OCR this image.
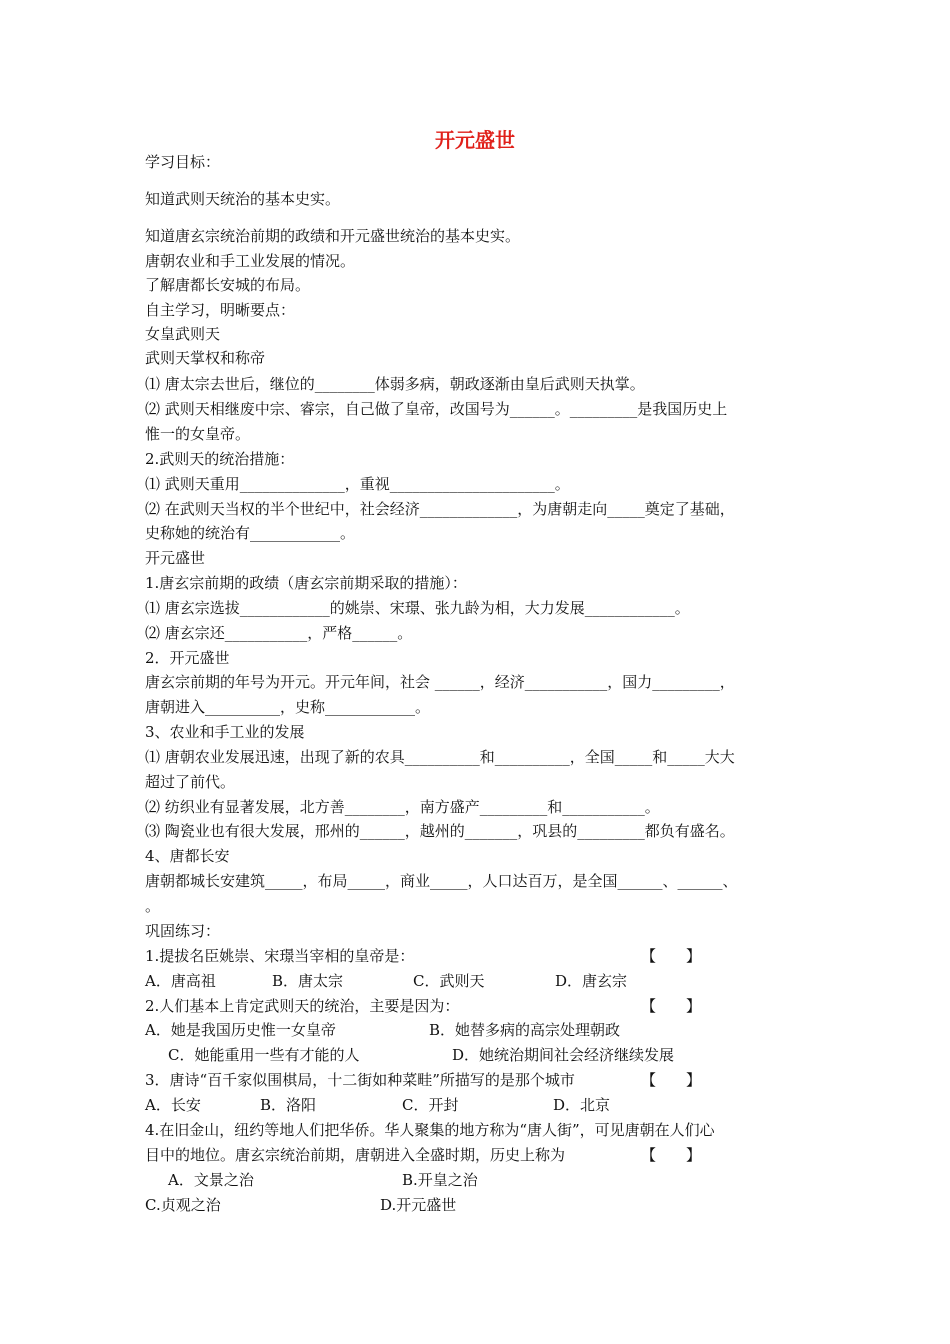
开元盛世
学习目标：
知道武则天统治的基本史实。
知道唐玄宗统治前期的政绩和开元盛世统治的基本史实。
唐朝农业和手工业发展的情况。
了解唐都长安城的布局。
自主学习，明晰要点：
女皇武则天
武则天掌权和称帝
⑴ 唐太宗去世后，继位的________体弱多病，朝政逐渐由皇后武则天执掌。
⑵ 武则天相继废中宗、睿宗，自己做了皇帝，改国号为______。_________是我国历史上
惟一的女皇帝。
2.武则天的统治措施：
⑴ 武则天重用______________，重视______________________。
⑵ 在武则天当权的半个世纪中，社会经济_____________，为唐朝走向_____奠定了基础，
史称她的统治有____________。
开元盛世
1.唐玄宗前期的政绩（唐玄宗前期采取的措施）：
⑴ 唐玄宗选拔____________的姚崇、宋璟、张九龄为相，大力发展____________。
⑵ 唐玄宗还___________，严格______。
2．开元盛世
唐玄宗前期的年号为开元。开元年间，社会 ______，经济___________，国力_________，
唐朝进入__________，史称____________。
3、农业和手工业的发展
⑴ 唐朝农业发展迅速，出现了新的农具__________和__________，全国_____和_____大大
超过了前代。
⑵ 纺织业有显著发展，北方善________，南方盛产_________和___________。
⑶ 陶瓷业也有很大发展，邢州的______，越州的_______，巩县的_________都负有盛名。
4、唐都长安
唐朝都城长安建筑_____，布局_____，商业_____，人口达百万，是全国______、______、
。
巩固练习：
1.提拔名臣姚崇、宋璟当宰相的皇帝是：	【　　】
A．唐高祖	B．唐太宗	C．武则天	D．唐玄宗
2.人们基本上肯定武则天的统治，主要是因为：	【　　】
A．她是我国历史惟一女皇帝	B．她替多病的高宗处理朝政
C．她能重用一些有才能的人	D．她统治期间社会经济继续发展
3．唐诗“百千家似围棋局，十二街如种菜畦”所描写的是那个城市	【　　】
A．长安	B．洛阳	C．开封	D．北京
4.在旧金山，纽约等地人们把华侨。华人聚集的地方称为“唐人街”，可见唐朝在人们心
目中的地位。唐玄宗统治前期，唐朝进入全盛时期，历史上称为	【　　】
A．文景之治	B.开皇之治
C.贞观之治	D.开元盛世
